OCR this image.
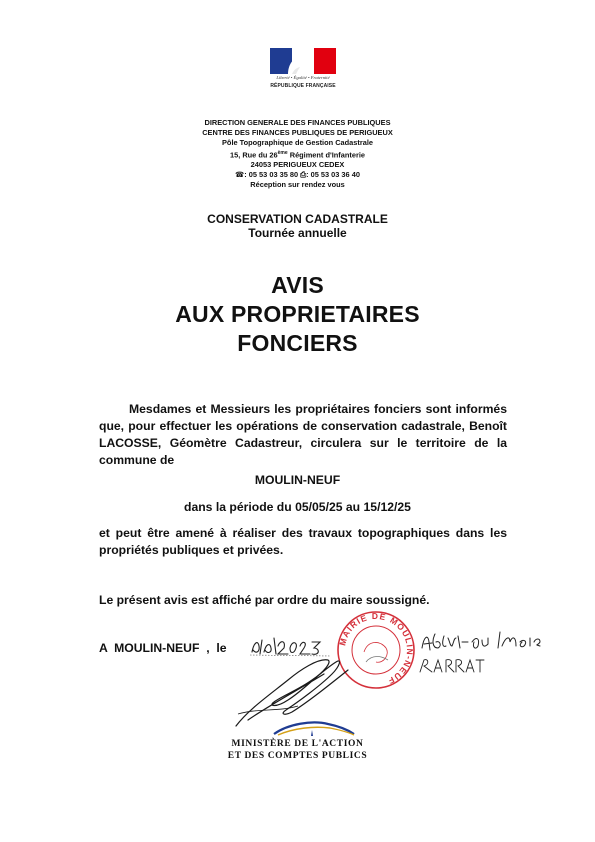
Liberté • Égalité • Fraternité
RÉPUBLIQUE FRANÇAISE
DIRECTION GENERALE DES FINANCES PUBLIQUES
CENTRE DES FINANCES PUBLIQUES DE PERIGUEUX
Pôle Topographique de Gestion Cadastrale
15, Rue du 26ème Régiment d'Infanterie
24053 PERIGUEUX CEDEX
☎: 05 53 03 35 80 ⎙: 05 53 03 36 40
Réception sur rendez vous
CONSERVATION CADASTRALE
Tournée annuelle
AVIS
AUX PROPRIETAIRES
FONCIERS
Mesdames et Messieurs les propriétaires fonciers sont informés que, pour effectuer les opérations de conservation cadastrale, Benoît LACOSSE, Géomètre Cadastreur, circulera sur le territoire de la commune de
MOULIN-NEUF
dans la période du 05/05/25 au 15/12/25
et peut être amené à réaliser des travaux topographiques dans les propriétés publiques et privées.
Le présent avis est affiché par ordre du maire soussigné.
A  MOULIN-NEUF  ,  le	MAIRIE DE MOULIN-NEUF
MINISTÈRE DE L'ACTION
ET DES COMPTES PUBLICS
